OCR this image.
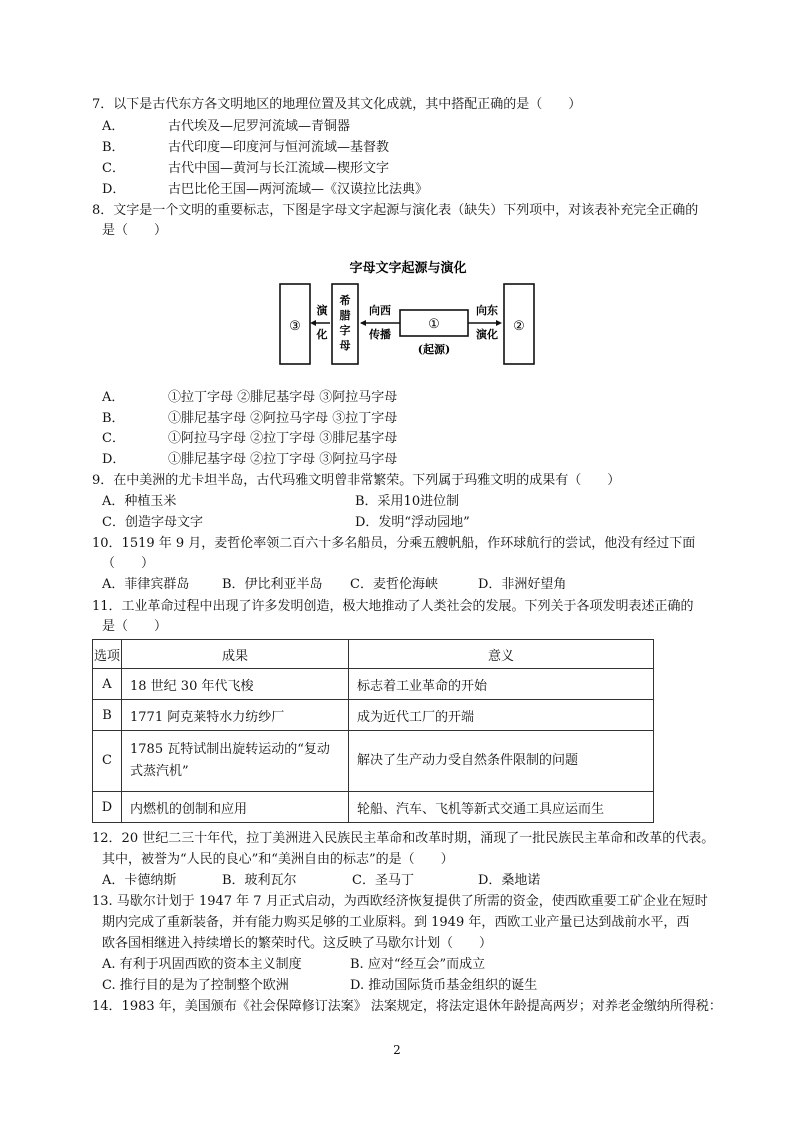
7．以下是古代东方各文明地区的地理位置及其文化成就，其中搭配正确的是（　　）
A．	古代埃及—尼罗河流域—青铜器
B．	古代印度—印度河与恒河流域—基督教
C．	古代中国—黄河与长江流域—楔形文字
D．	古巴比伦王国—两河流域—《汉谟拉比法典》
8．文字是一个文明的重要标志，下图是字母文字起源与演化表（缺失）下列项中，对该表补充完全正确的
是（　　）
字母文字起源与演化
③
演
化
希
腊
字
母
向西
传播
①
(起源)
向东
演化
②
A．	①拉丁字母 ②腓尼基字母 ③阿拉马字母
B．	①腓尼基字母 ②阿拉马字母 ③拉丁字母
C．	①阿拉马字母 ②拉丁字母 ③腓尼基字母
D．	①腓尼基字母 ②拉丁字母 ③阿拉马字母
9．在中美洲的尤卡坦半岛，古代玛雅文明曾非常繁荣。下列属于玛雅文明的成果有（　　）
A．种植玉米	B．采用10进位制
C．创造字母文字	D．发明“浮动园地”
10．1519 年 9 月，麦哲伦率领二百六十多名船员，分乘五艘帆船，作环球航行的尝试，他没有经过下面
（　　）
A．菲律宾群岛	B．伊比利亚半岛 C．麦哲伦海峡	D．非洲好望角
11．工业革命过程中出现了许多发明创造，极大地推动了人类社会的发展。下列关于各项发明表述正确的
是（　　）
选项	成果	意义
A	18 世纪 30 年代飞梭	标志着工业革命的开始
B	1771 阿克莱特水力纺纱厂	成为近代工厂的开端
C	1785 瓦特试制出旋转运动的“复动
式蒸汽机”	解决了生产动力受自然条件限制的问题
D	内燃机的创制和应用	轮船、汽车、飞机等新式交通工具应运而生
12．20 世纪二三十年代，拉丁美洲进入民族民主革命和改革时期，涌现了一批民族民主革命和改革的代表。
其中，被誉为“人民的良心”和“美洲自由的标志”的是（　　）
A．卡德纳斯	B．玻利瓦尔	C．圣马丁	D．桑地诺
13. 马歇尔计划于 1947 年 7 月正式启动，为西欧经济恢复提供了所需的资金，使西欧重要工矿企业在短时
期内完成了重新装备，并有能力购买足够的工业原料。到 1949 年，西欧工业产量已达到战前水平，西
欧各国相继进入持续增长的繁荣时代。这反映了马歇尔计划（　　）
A. 有利于巩固西欧的资本主义制度	B. 应对“经互会”而成立
C. 推行目的是为了控制整个欧洲	D. 推动国际货币基金组织的诞生
14．1983 年，美国颁布《社会保障修订法案》 法案规定，将法定退休年龄提高两岁；对养老金缴纳所得税：
2
